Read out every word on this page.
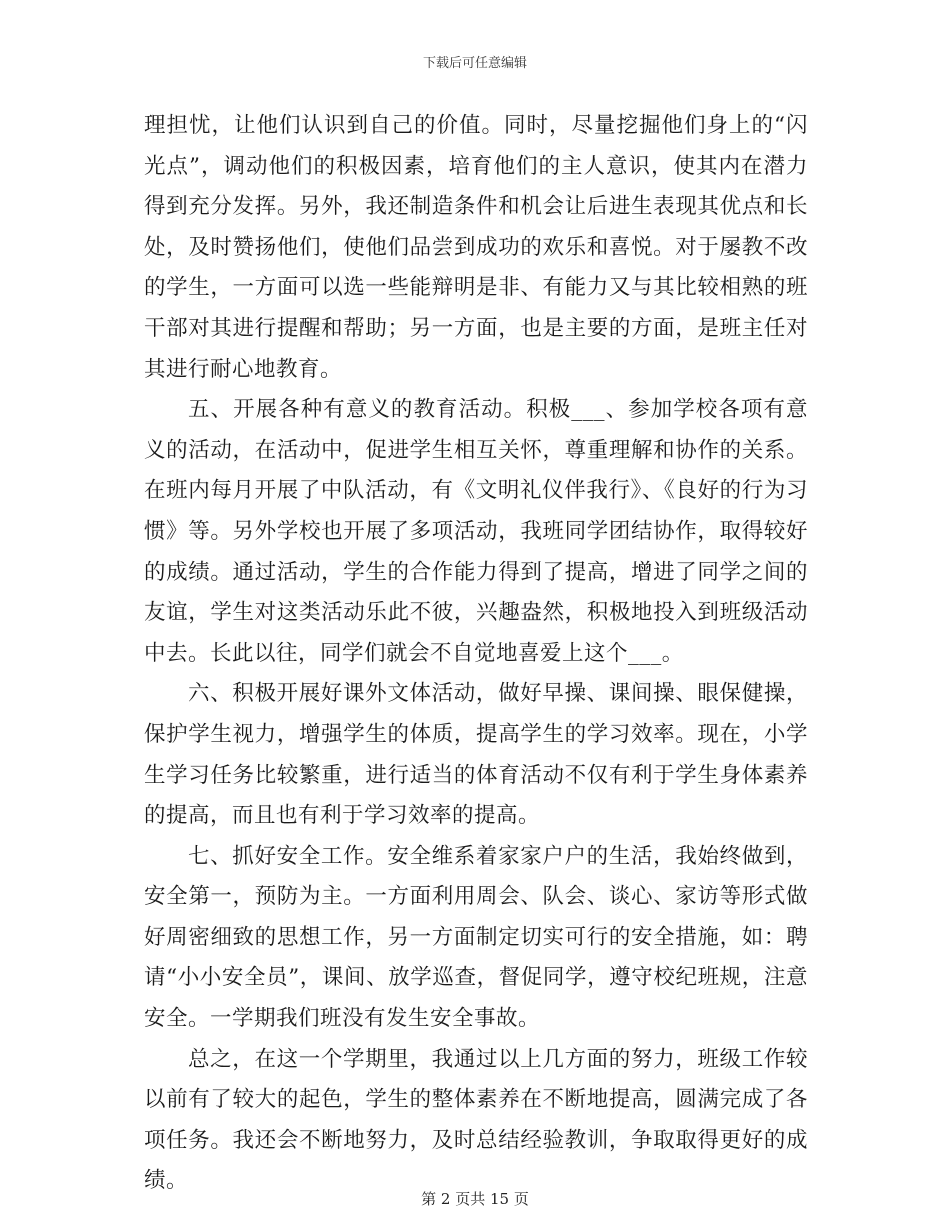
下载后可任意编辑

理担忧，让他们认识到自己的价值。同时，尽量挖掘他们身上的“闪光点”，调动他们的积极因素，培育他们的主人意识，使其内在潜力得到充分发挥。另外，我还制造条件和机会让后进生表现其优点和长处，及时赞扬他们，使他们品尝到成功的欢乐和喜悦。对于屡教不改的学生，一方面可以选一些能辩明是非、有能力又与其比较相熟的班干部对其进行提醒和帮助；另一方面，也是主要的方面，是班主任对其进行耐心地教育。

五、开展各种有意义的教育活动。积极___、参加学校各项有意义的活动，在活动中，促进学生相互关怀，尊重理解和协作的关系。在班内每月开展了中队活动，有《文明礼仪伴我行》、《良好的行为习惯》等。另外学校也开展了多项活动，我班同学团结协作，取得较好的成绩。通过活动，学生的合作能力得到了提高，增进了同学之间的友谊，学生对这类活动乐此不彼，兴趣盎然，积极地投入到班级活动中去。长此以往，同学们就会不自觉地喜爱上这个___。

六、积极开展好课外文体活动，做好早操、课间操、眼保健操，保护学生视力，增强学生的体质，提高学生的学习效率。现在，小学生学习任务比较繁重，进行适当的体育活动不仅有利于学生身体素养的提高，而且也有利于学习效率的提高。

七、抓好安全工作。安全维系着家家户户的生活，我始终做到，安全第一，预防为主。一方面利用周会、队会、谈心、家访等形式做好周密细致的思想工作，另一方面制定切实可行的安全措施，如：聘请“小小安全员”，课间、放学巡查，督促同学，遵守校纪班规，注意安全。一学期我们班没有发生安全事故。

总之，在这一个学期里，我通过以上几方面的努力，班级工作较以前有了较大的起色，学生的整体素养在不断地提高，圆满完成了各项任务。我还会不断地努力，及时总结经验教训，争取取得更好的成绩。

第 2 页共 15 页
